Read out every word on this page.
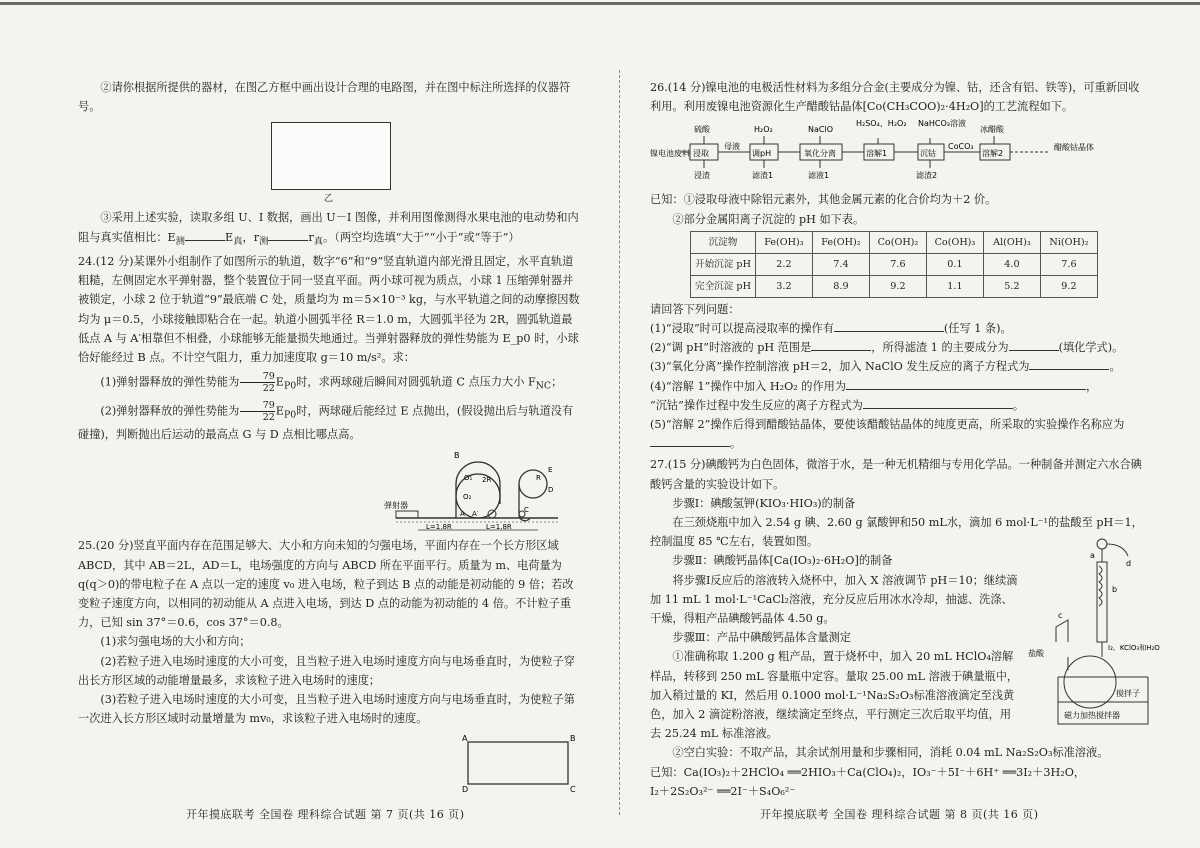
②请你根据所提供的器材，在图乙方框中画出设计合理的电路图，并在图中标注所选择的仪器符号。

乙

③采用上述实验，读取多组 U、I 数据，画出 U－I 图像，并利用图像测得水果电池的电动势和内阻与真实值相比：$E_测$	$E_真$，$r_测$	$r_真$。（两空均选填“大于”“小于”或“等于”）

24.(12 分)某课外小组制作了如图所示的轨道，数字“6”和“9”竖直轨道内部光滑且固定，水平直轨道粗糙，左侧固定水平弹射器，整个装置位于同一竖直平面。两小球可视为质点，小球 1 压缩弹射器并被锁定，小球 2 位于轨道“9”最底端 C 处，质量均为 m＝5×10⁻³ kg，与水平轨道之间的动摩擦因数均为 μ＝0.5，小球接触即粘合在一起。轨道小圆弧半径 R＝1.0 m，大圆弧半径为 2R，圆弧轨道最低点 A 与 A′相靠但不相叠，小球能够无能量损失地通过。当弹射器释放的弹性势能为 E_p0 时，小球恰好能经过 B 点。不计空气阻力，重力加速度取 g＝10 m/s²。求：

(1)弹射器释放的弹性势能为 $\frac{79}{22} E_{P0}$时，求两球碰后瞬间对圆弧轨道 C 点压力大小 $F_{NC}$；

(2)弹射器释放的弹性势能为 $\frac{79}{22} E_{P0}$时，两球碰后能经过 E 点抛出，(假设抛出后与轨道没有碰撞)，判断抛出后运动的最高点 G 与 D 点相比哪点高。

B
O₁
O₂
2R	R
E
D
弹射器
A A′	C
L=1.8R	L=1.8R

25.(20 分)竖直平面内存在范围足够大、大小和方向未知的匀强电场，平面内存在一个长方形区域 ABCD，其中 AB＝2L，AD＝L，电场强度的方向与 ABCD 所在平面平行。质量为 m、电荷量为 q(q＞0)的带电粒子在 A 点以一定的速度 v₀ 进入电场，粒子到达 B 点的动能是初动能的 9 倍；若改变粒子速度方向，以相同的初动能从 A 点进入电场，到达 D 点的动能为初动能的 4 倍。不计粒子重力，已知 sin 37°＝0.6，cos 37°＝0.8。

(1)求匀强电场的大小和方向；

(2)若粒子进入电场时速度的大小可变，且当粒子进入电场时速度方向与电场垂直时，为使粒子穿出长方形区域的动能增量最多，求该粒子进入电场时的速度；

(3)若粒子进入电场时速度的大小可变，且当粒子进入电场时速度方向与电场垂直时，为使粒子第一次进入长方形区域时动量增量为 mv₀，求该粒子进入电场时的速度。

A	B
C
D
开年摸底联考 全国卷 理科综合试题 第 7 页(共 16 页)

26.(14 分)镍电池的电极活性材料为多组分合金(主要成分为镍、钴，还含有铝、铁等)，可重新回收利用。利用废镍电池资源化生产醋酸钴晶体[Co(CH₃COO)₂·4H₂O]的工艺流程如下。

镍电池废料
硫酸	H₂O₂	NaClO
H₂SO₄、H₂O₂ NaHCO₃溶液
冰醋酸
浸取	调pH	氧化分离	溶解1	沉钴	溶解2
母液	CoCO₃	醋酸钴晶体
浸渣	滤渣1	滤液1	滤渣2

已知：①浸取母液中除铝元素外，其他金属元素的化合价均为＋2 价。

②部分金属阳离子沉淀的 pH 如下表。

沉淀物	Fe(OH)₃	Fe(OH)₂	Co(OH)₂	Co(OH)₃	Al(OH)₃	Ni(OH)₂
开始沉淀 pH	2.2	7.4	7.6	0.1	4.0	7.6
完全沉淀 pH	3.2	8.9	9.2	1.1	5.2	9.2

请回答下列问题：

(1)“浸取”时可以提高浸取率的操作有	(任写 1 条)。

(2)“调 pH”时溶液的 pH 范围是	，所得滤渣 1 的主要成分为	(填化学式)。

(3)“氧化分离”操作控制溶液 pH＝2，加入 NaClO 发生反应的离子方程式为	。

(4)“溶解 1”操作中加入 H₂O₂ 的作用为	，

“沉钴”操作过程中发生反应的离子方程式为	。

(5)“溶解 2”操作后得到醋酸钴晶体，要使该醋酸钴晶体的纯度更高，所采取的实验操作名称应为。

27.(15 分)碘酸钙为白色固体，微溶于水，是一种无机精细与专用化学品。一种制备并测定六水合碘酸钙含量的实验设计如下。

步骤Ⅰ：碘酸氢钾(KIO₃·HIO₃)的制备

在三颈烧瓶中加入 2.54 g 碘、2.60 g 氯酸钾和50 mL水，滴加 6 mol·L⁻¹的盐酸至 pH＝1，控制温度 85 ℃左右，装置如图。

步骤Ⅱ：碘酸钙晶体[Ca(IO₃)₂·6H₂O]的制备

将步骤Ⅰ反应后的溶液转入烧杯中，加入 X 溶液调节 pH＝10；继续滴加 11 mL 1 mol·L⁻¹CaCl₂溶液，充分反应后用冰水冷却，抽滤、洗涤、干燥，得粗产品碘酸钙晶体 4.50 g。

步骤Ⅲ：产品中碘酸钙晶体含量测定

①准确称取 1.200 g 粗产品，置于烧杯中，加入 20 mL HClO₄溶解样品，转移到 250 mL 容量瓶中定容。量取 25.00 mL 溶液于碘量瓶中，加入稍过量的 KI，然后用 0.1000 mol·L⁻¹Na₂S₂O₃标准溶液滴定至浅黄色，加入 2 滴淀粉溶液，继续滴定至终点，平行测定三次后取平均值，用去 25.24 mL 标准溶液。

a
b
c
d
盐酸
I₂、KClO₃和H₂O
搅拌子
磁力加热搅拌器

②空白实验：不取产品，其余试剂用量和步骤相同，消耗 0.04 mL Na₂S₂O₃标准溶液。

已知：Ca(IO₃)₂＋2HClO₄ ══2HIO₃＋Ca(ClO₄)₂，IO₃⁻＋5I⁻＋6H⁺ ══3I₂＋3H₂O，

I₂＋2S₂O₃²⁻ ══2I⁻＋S₄O₆²⁻

开年摸底联考 全国卷 理科综合试题 第 8 页(共 16 页)
